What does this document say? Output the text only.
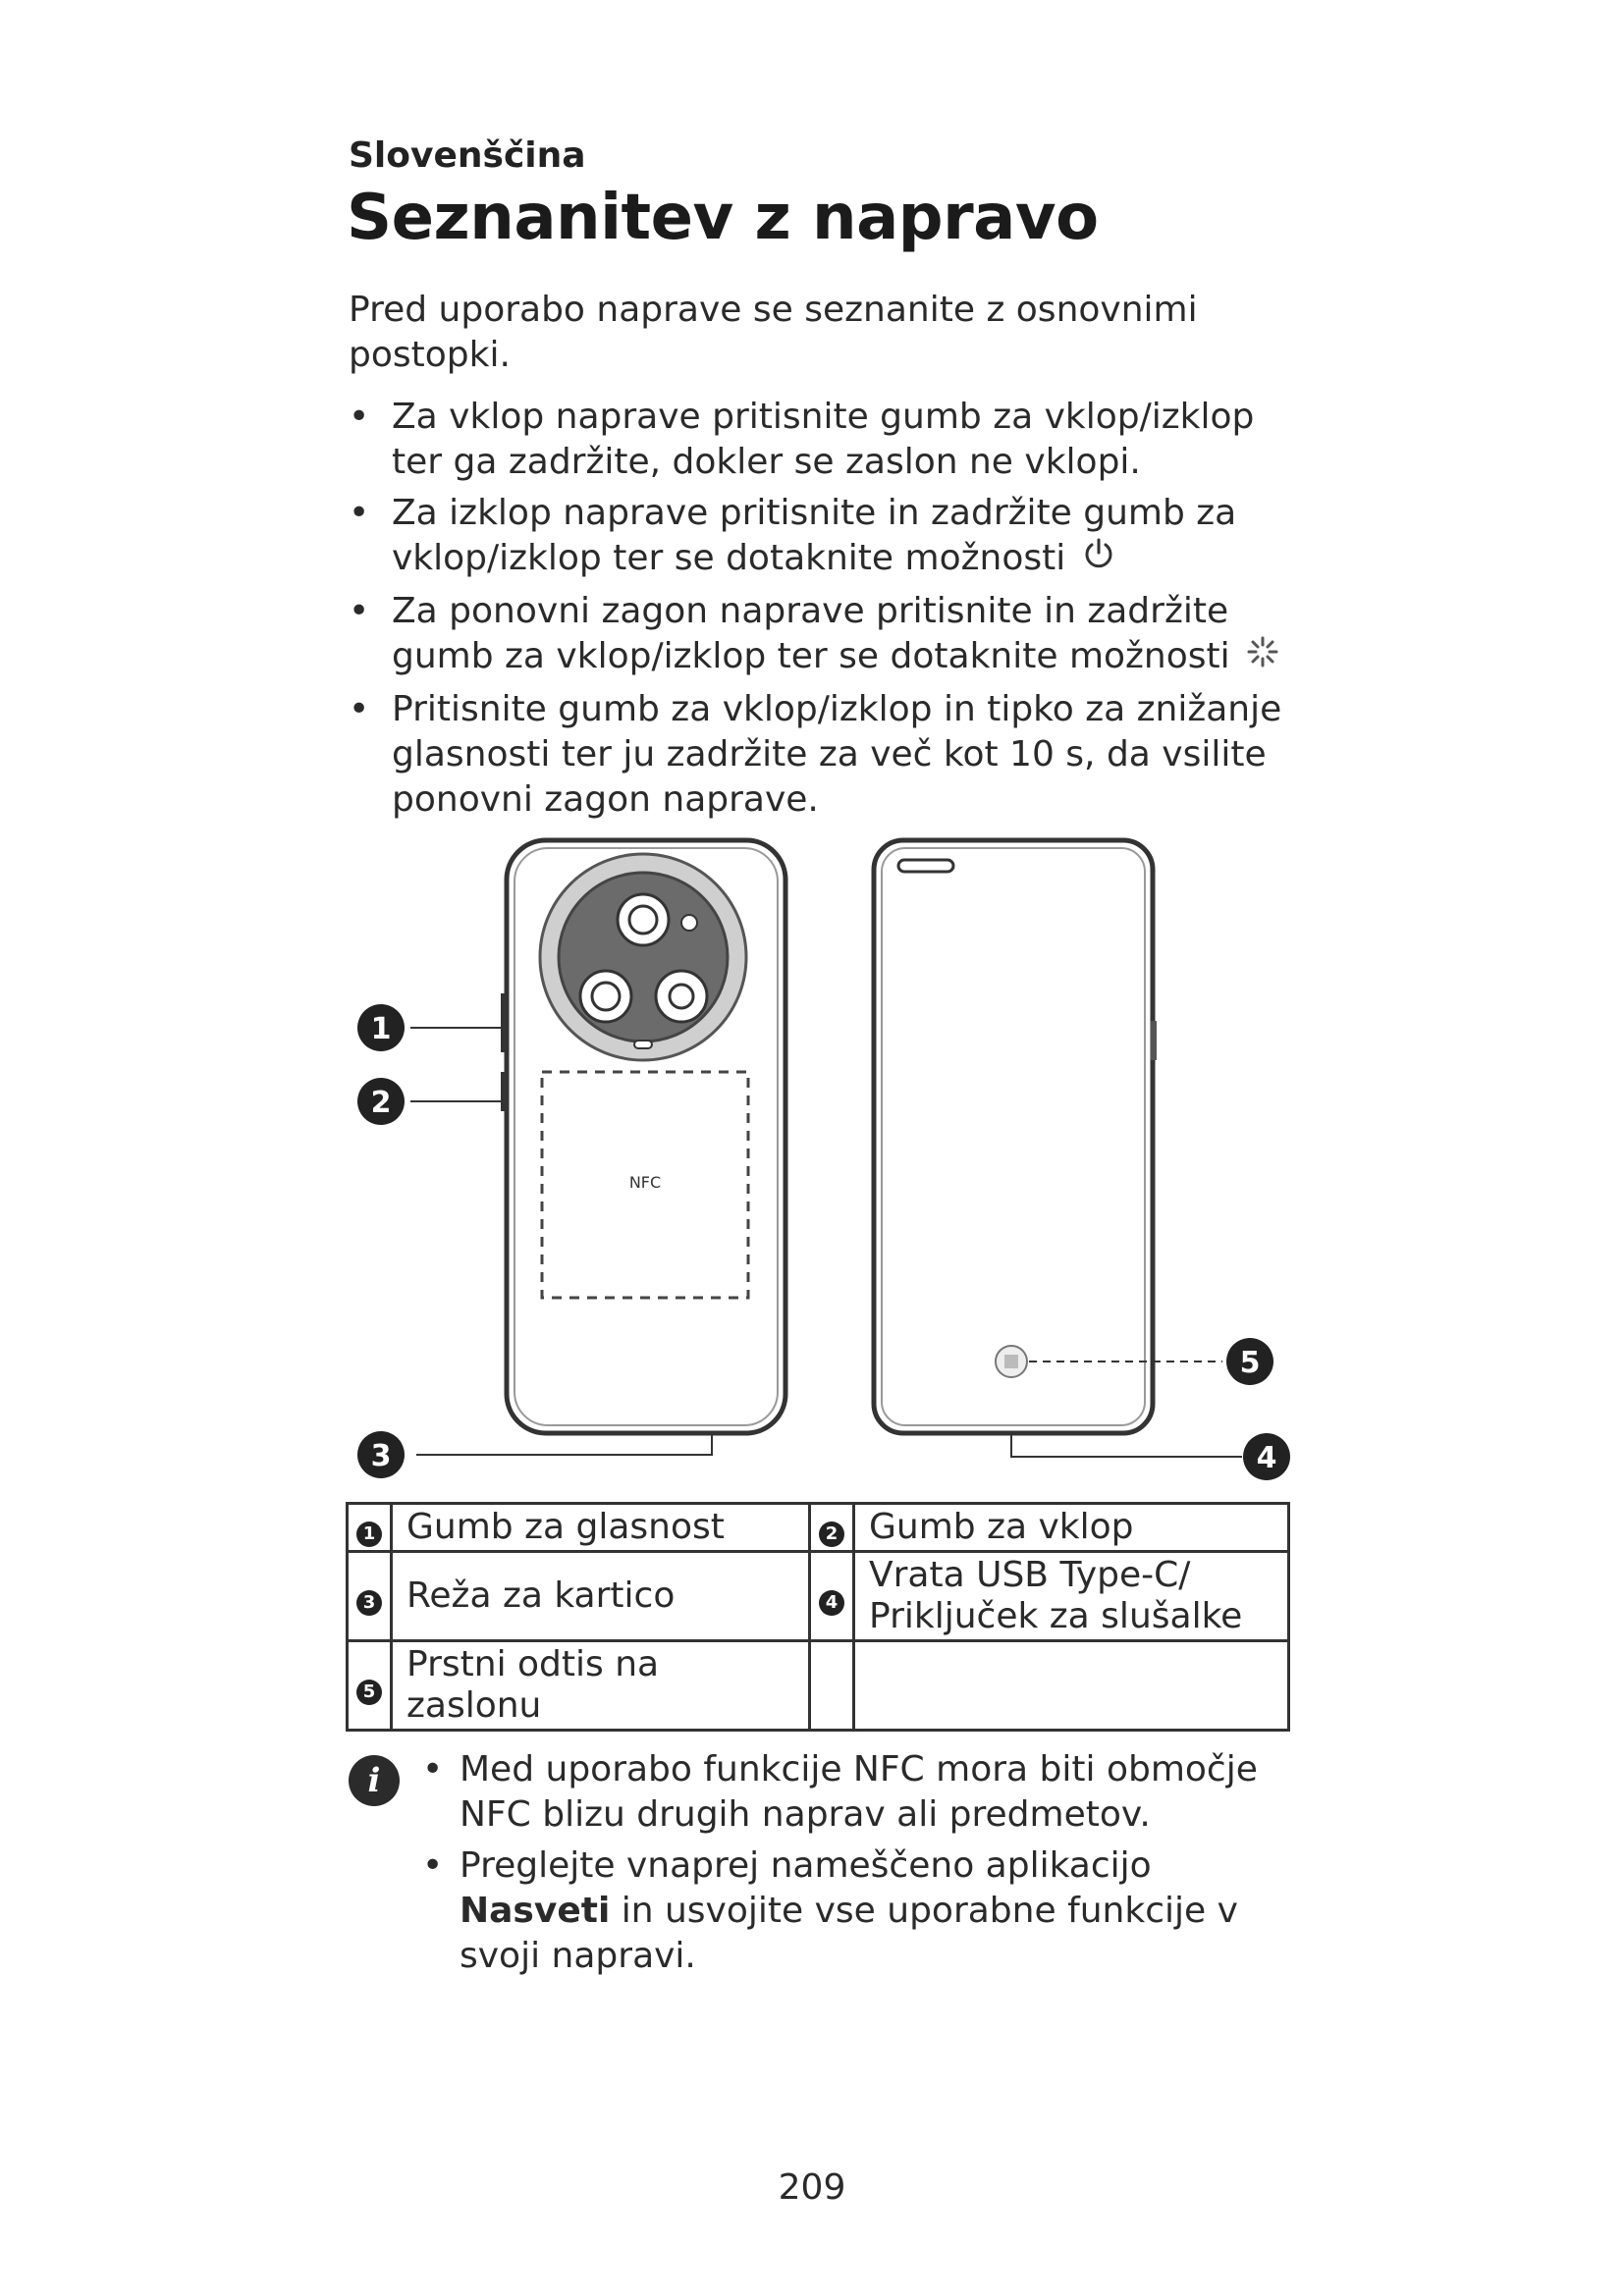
Slovenščina
Seznanitev z napravo
Pred uporabo naprave se seznanite z osnovnimi postopki.
• Za vklop naprave pritisnite gumb za vklop/izklop ter ga zadržite, dokler se zaslon ne vklopi.
• Za izklop naprave pritisnite in zadržite gumb za vklop/izklop ter se dotaknite možnosti
• Za ponovni zagon naprave pritisnite in zadržite gumb za vklop/izklop ter se dotaknite možnosti
• Pritisnite gumb za vklop/izklop in tipko za znižanje glasnosti ter ju zadržite za več kot 10 s, da vsilite ponovni zagon naprave.
NFC
1
2
3	4
5
1	Gumb za glasnost	2	Gumb za vklop
3	Reža za kartico	4	Vrata USB Type-C/ Priključek za slušalke
5	Prstni odtis na zaslonu		
i	• Med uporabo funkcije NFC mora biti območje NFC blizu drugih naprav ali predmetov.
• Preglejte vnaprej nameščeno aplikacijo Nasveti in usvojite vse uporabne funkcije v svoji napravi.
209
